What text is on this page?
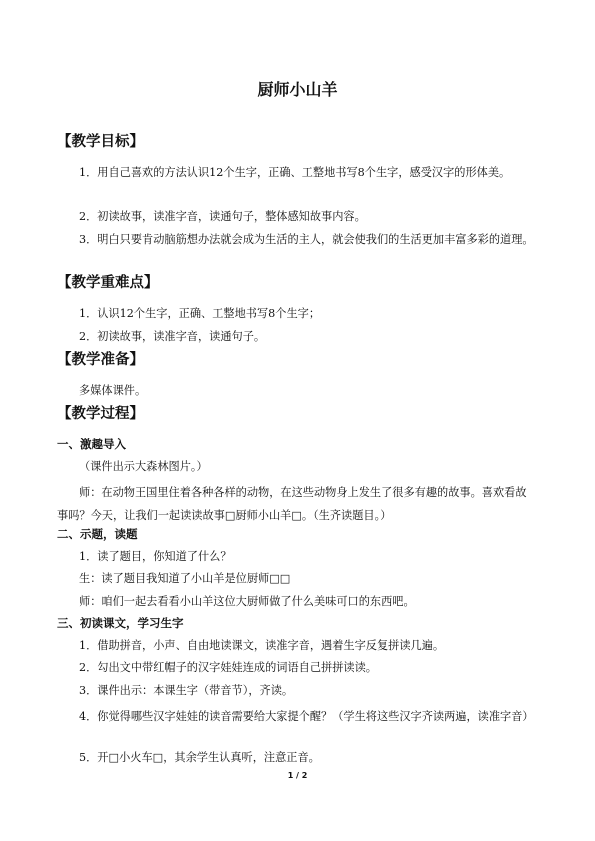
厨师小山羊
【教学目标】
1．用自己喜欢的方法认识12个生字，正确、工整地书写8个生字，感受汉字的形体美。
2．初读故事，读准字音，读通句子，整体感知故事内容。
3．明白只要肯动脑筋想办法就会成为生活的主人，就会使我们的生活更加丰富多彩的道理。
【教学重难点】
1．认识12个生字，正确、工整地书写8个生字；
2．初读故事，读准字音，读通句子。
【教学准备】
多媒体课件。
【教学过程】
一、激趣导入
（课件出示大森林图片。）
师：在动物王国里住着各种各样的动物，在这些动物身上发生了很多有趣的故事。喜欢看故事吗？今天，让我们一起读读故事□厨师小山羊□。（生齐读题目。）
二、示题，读题
1．读了题目，你知道了什么？
生：读了题目我知道了小山羊是位厨师□□
师：咱们一起去看看小山羊这位大厨师做了什么美味可口的东西吧。
三、初读课文，学习生字
1．借助拼音，小声、自由地读课文，读准字音，遇着生字反复拼读几遍。
2．勾出文中带红帽子的汉字娃娃连成的词语自己拼拼读读。
3．课件出示：本课生字（带音节），齐读。
4．你觉得哪些汉字娃娃的读音需要给大家提个醒？（学生将这些汉字齐读两遍，读准字音）
5．开□小火车□，其余学生认真听，注意正音。
1 / 2
